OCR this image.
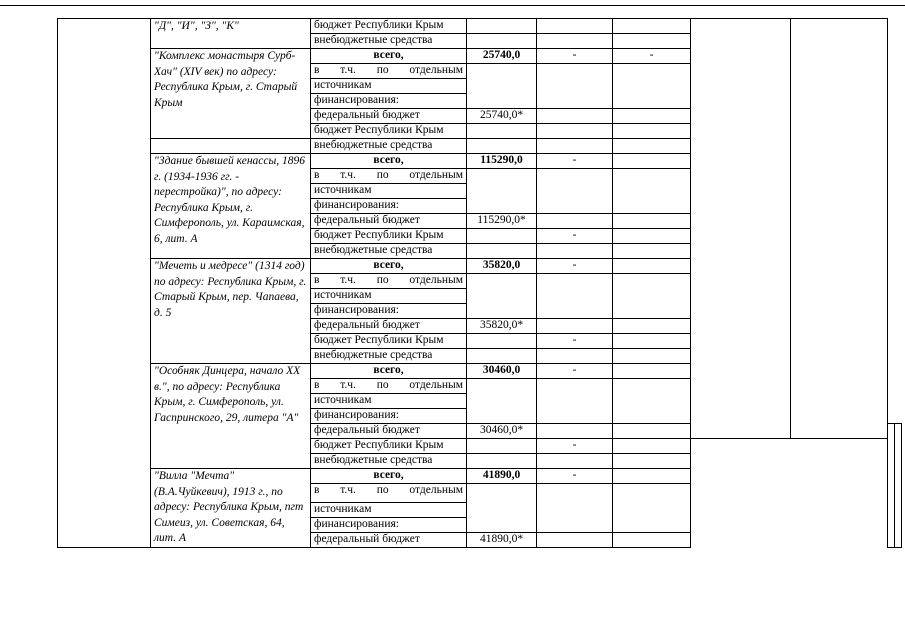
	"Д", "И", "З", "К"	бюджет Республики Крым							
		внебюджетные средства							
	"Комплекс монастыря Сурб-Хач" (XIV век) по адресу: Республика Крым, г. Старый Крым	всего,	25740,0	-	-				
		в т.ч. по отдельным							
		источникам							
		финансирования:							
		федеральный бюджет	25740,0*						
		бюджет Республики Крым							
		внебюджетные средства							
	"Здание бывшей кенассы, 1896 г. (1934-1936 гг. - перестройка)", по адресу: Республика Крым, г. Симферополь, ул. Караимская, 6, лит. А	всего,	115290,0	-					
		в т.ч. по отдельным							
		источникам							
		финансирования:							
		федеральный бюджет	115290,0*						
		бюджет Республики Крым		-					
		внебюджетные средства							
	"Мечеть и медресе" (1314 год) по адресу: Республика Крым, г. Старый Крым, пер. Чапаева, д. 5	всего,	35820,0	-					
		в т.ч. по отдельным							
		источникам							
		финансирования:							
		федеральный бюджет	35820,0*						
		бюджет Республики Крым		-					
		внебюджетные средства							
	"Особняк Динцера, начало XX в.", по адресу: Республика Крым, г. Симферополь, ул. Гаспринского, 29, литера "А"	всего,	30460,0	-					
		в т.ч. по отдельным							
		источникам							
		финансирования:							
		федеральный бюджет	30460,0*						
		бюджет Республики Крым		-					
		внебюджетные средства							
	"Вилла "Мечта" (В.А.Чуйкевич), 1913 г., по адресу: Республика Крым, пгт Симеиз, ул. Советская, 64, лит. А	всего,	41890,0	-					
		в т.ч. по отдельным							
		источникам							
		финансирования:							
		федеральный бюджет	41890,0*						
